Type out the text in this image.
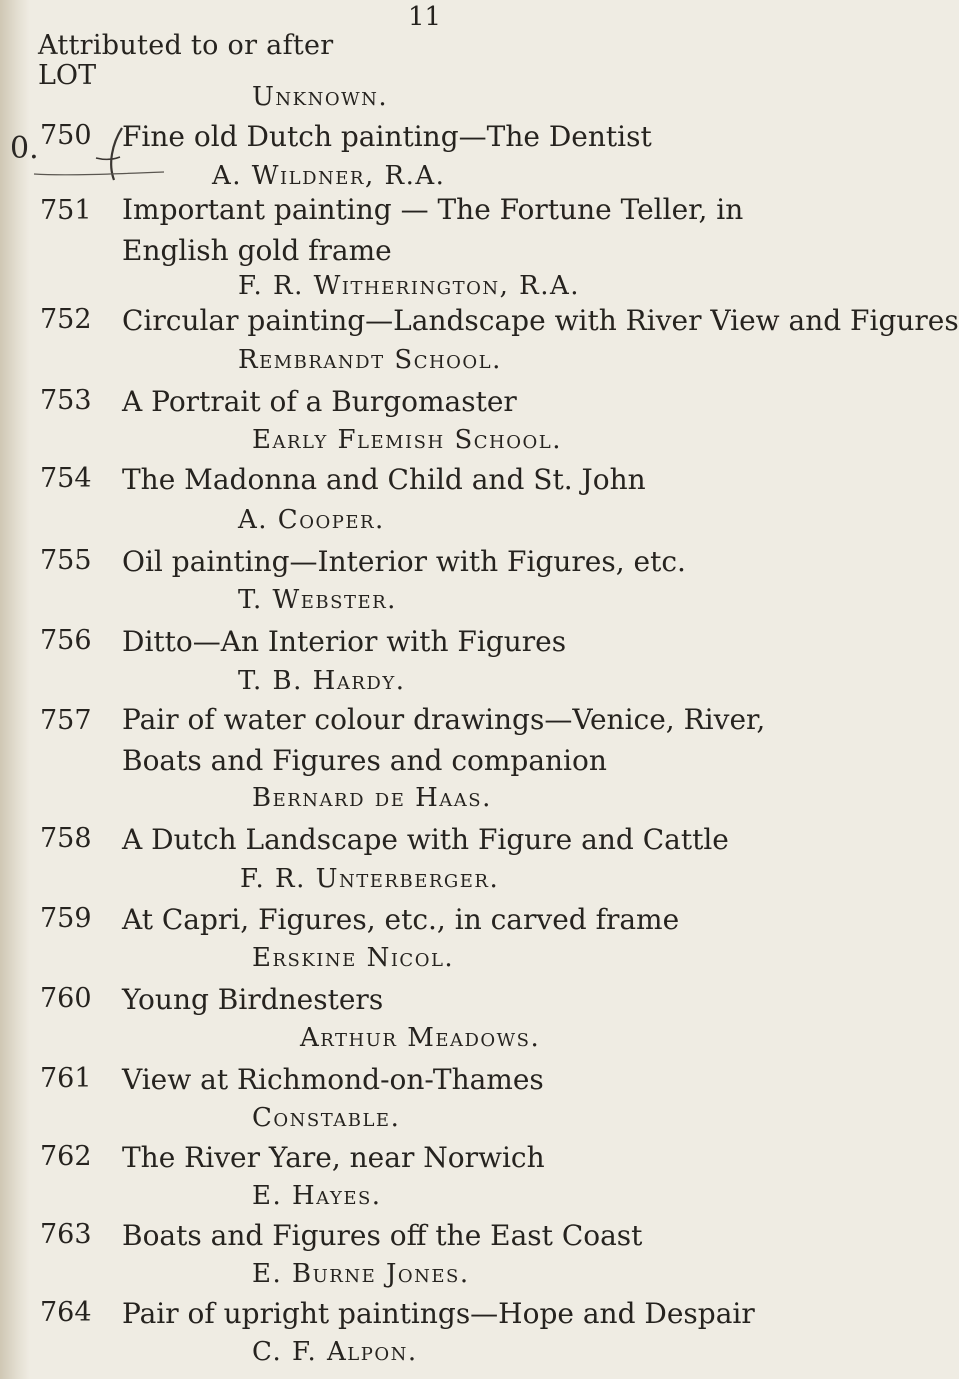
0.
11
Attributed to or after
LOT
Unknown.
750	Fine old Dutch painting—The Dentist
A. Wildner, R.A.
751	Important painting — The Fortune Teller, in English gold frame
F. R. Witherington, R.A.
752	Circular painting—Landscape with River View and Figures
Rembrandt School.
753	A Portrait of a Burgomaster
Early Flemish School.
754	The Madonna and Child and St. John
A. Cooper.
755	Oil painting—Interior with Figures, etc.
T. Webster.
756	Ditto—An Interior with Figures
T. B. Hardy.
757	Pair of water colour drawings—Venice, River, Boats and Figures and companion
Bernard de Haas.
758	A Dutch Landscape with Figure and Cattle
F. R. Unterberger.
759	At Capri, Figures, etc., in carved frame
Erskine Nicol.
760	Young Birdnesters
Arthur Meadows.
761	View at Richmond-on-Thames
Constable.
762	The River Yare, near Norwich
E. Hayes.
763	Boats and Figures off the East Coast
E. Burne Jones.
764	Pair of upright paintings—Hope and Despair
C. F. Alpon.
